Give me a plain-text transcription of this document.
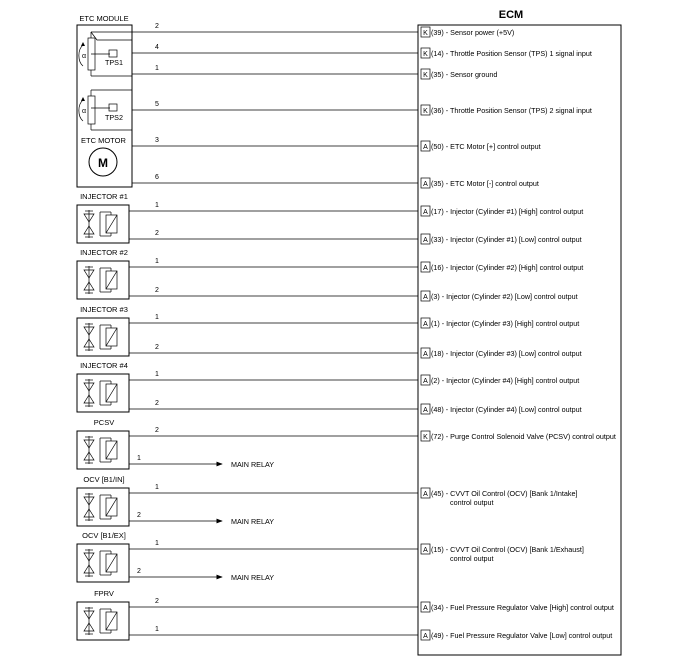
ECM
ETC MODULE
α
TPS1
α
TPS2
ETC MOTOR
M
INJECTOR #1
INJECTOR #2
INJECTOR #3
INJECTOR #4
PCSV
OCV [B1/IN]
OCV [B1/EX]
FPRV
2
K (39) - Sensor power (+5V)
4
K (14) - Throttle Position Sensor (TPS) 1 signal input
1
K (35) - Sensor ground
5
K (36) - Throttle Position Sensor (TPS) 2 signal input
3
A (50) - ETC Motor [+] control output
6
A (35) - ETC Motor [-] control output
1
A (17) - Injector (Cylinder #1) [High] control output
2
A (33) - Injector (Cylinder #1) [Low] control output
1
A (16) - Injector (Cylinder #2) [High] control output
2
A (3) - Injector (Cylinder #2) [Low] control output
1
A (1) - Injector (Cylinder #3) [High] control output
2
A (18) - Injector (Cylinder #3) [Low] control output
1
A (2) - Injector (Cylinder #4) [High] control output
2
A (48) - Injector (Cylinder #4) [Low] control output
2
K (72) - Purge Control Solenoid Valve (PCSV) control output
1
A (45) - CVVT Oil Control (OCV) [Bank 1/Intake]
control output
1
A (15) - CVVT Oil Control (OCV) [Bank 1/Exhaust]
control output
2
A (34) - Fuel Pressure Regulator Valve [High] control output
1
A (49) - Fuel Pressure Regulator Valve [Low] control output
1
MAIN RELAY
2
MAIN RELAY
2
MAIN RELAY
